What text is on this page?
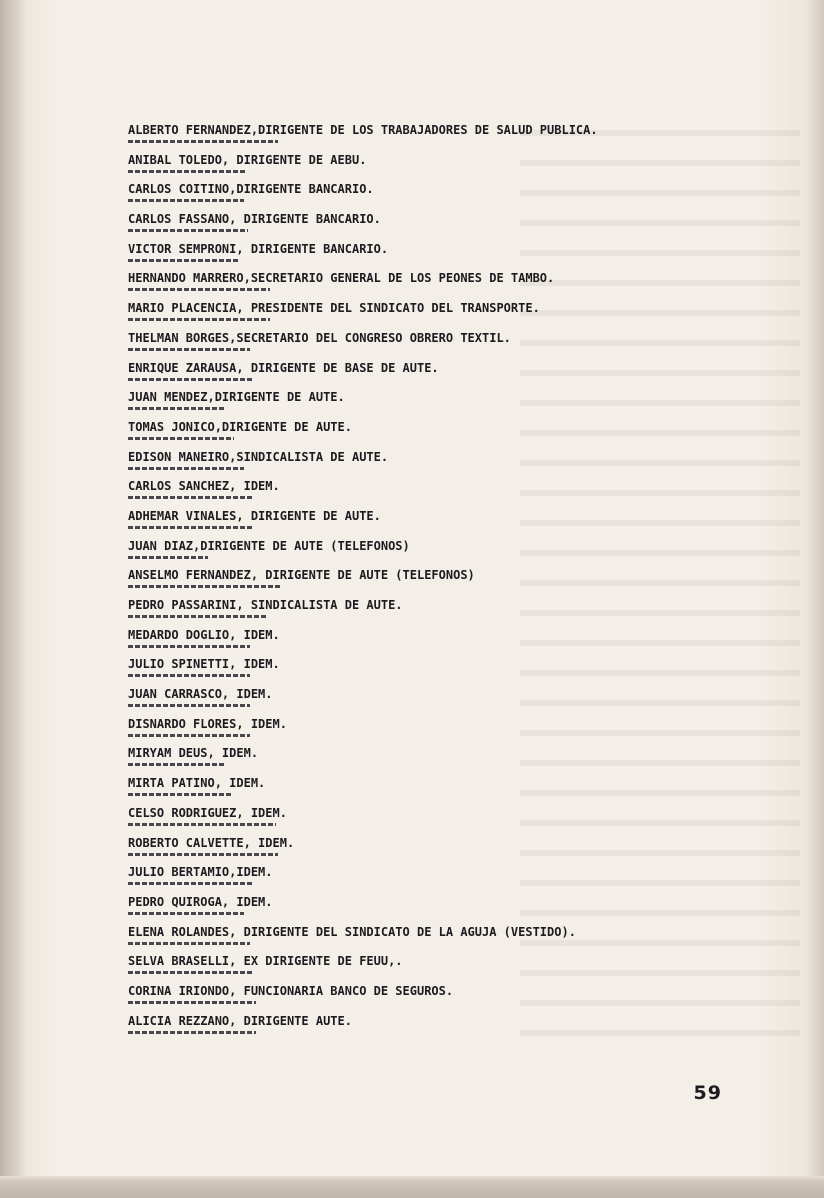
ALBERTO FERNANDEZ,DIRIGENTE DE LOS TRABAJADORES DE SALUD PUBLICA.
ANIBAL TOLEDO, DIRIGENTE DE AEBU.
CARLOS COITINO,DIRIGENTE BANCARIO.
CARLOS FASSANO, DIRIGENTE BANCARIO.
VICTOR SEMPRONI, DIRIGENTE BANCARIO.
HERNANDO MARRERO,SECRETARIO GENERAL DE LOS PEONES DE TAMBO.
MARIO PLACENCIA, PRESIDENTE DEL SINDICATO DEL TRANSPORTE.
THELMAN BORGES,SECRETARIO DEL CONGRESO OBRERO TEXTIL.
ENRIQUE ZARAUSA, DIRIGENTE DE BASE DE AUTE.
JUAN MENDEZ,DIRIGENTE DE AUTE.
TOMAS JONICO,DIRIGENTE DE AUTE.
EDISON MANEIRO,SINDICALISTA DE AUTE.
CARLOS SANCHEZ, IDEM.
ADHEMAR VINALES, DIRIGENTE DE AUTE.
JUAN DIAZ,DIRIGENTE DE AUTE (TELEFONOS)
ANSELMO FERNANDEZ, DIRIGENTE DE AUTE (TELEFONOS)
PEDRO PASSARINI, SINDICALISTA DE AUTE.
MEDARDO DOGLIO, IDEM.
JULIO SPINETTI, IDEM.
JUAN CARRASCO, IDEM.
DISNARDO FLORES, IDEM.
MIRYAM DEUS, IDEM.
MIRTA PATINO, IDEM.
CELSO RODRIGUEZ, IDEM.
ROBERTO CALVETTE, IDEM.
JULIO BERTAMIO,IDEM.
PEDRO QUIROGA, IDEM.
ELENA ROLANDES, DIRIGENTE DEL SINDICATO DE LA AGUJA (VESTIDO).
SELVA BRASELLI, EX DIRIGENTE DE FEUU,.
CORINA IRIONDO, FUNCIONARIA BANCO DE SEGUROS.
ALICIA REZZANO, DIRIGENTE AUTE.
59
